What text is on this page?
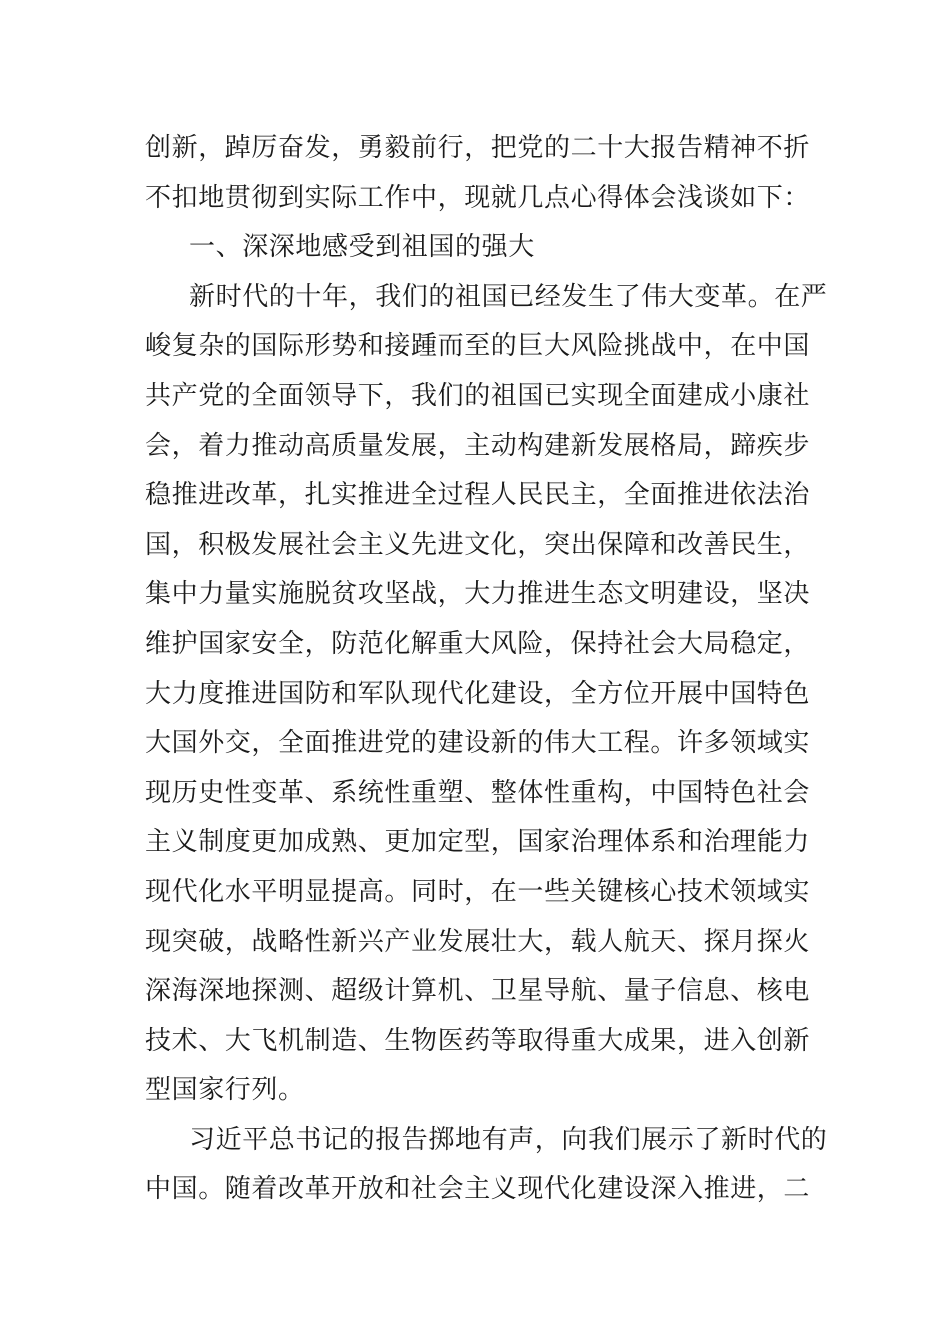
创新，踔厉奋发，勇毅前行，把党的二十大报告精神不折
不扣地贯彻到实际工作中，现就几点心得体会浅谈如下：

一、深深地感受到祖国的强大

新时代的十年，我们的祖国已经发生了伟大变革。在严
峻复杂的国际形势和接踵而至的巨大风险挑战中，在中国
共产党的全面领导下，我们的祖国已实现全面建成小康社
会，着力推动高质量发展，主动构建新发展格局，蹄疾步
稳推进改革，扎实推进全过程人民民主，全面推进依法治
国，积极发展社会主义先进文化，突出保障和改善民生，
集中力量实施脱贫攻坚战，大力推进生态文明建设，坚决
维护国家安全，防范化解重大风险，保持社会大局稳定，
大力度推进国防和军队现代化建设，全方位开展中国特色
大国外交，全面推进党的建设新的伟大工程。许多领域实
现历史性变革、系统性重塑、整体性重构，中国特色社会
主义制度更加成熟、更加定型，国家治理体系和治理能力
现代化水平明显提高。同时，在一些关键核心技术领域实
现突破，战略性新兴产业发展壮大，载人航天、探月探火
深海深地探测、超级计算机、卫星导航、量子信息、核电
技术、大飞机制造、生物医药等取得重大成果，进入创新
型国家行列。

习近平总书记的报告掷地有声，向我们展示了新时代的
中国。随着改革开放和社会主义现代化建设深入推进，二
